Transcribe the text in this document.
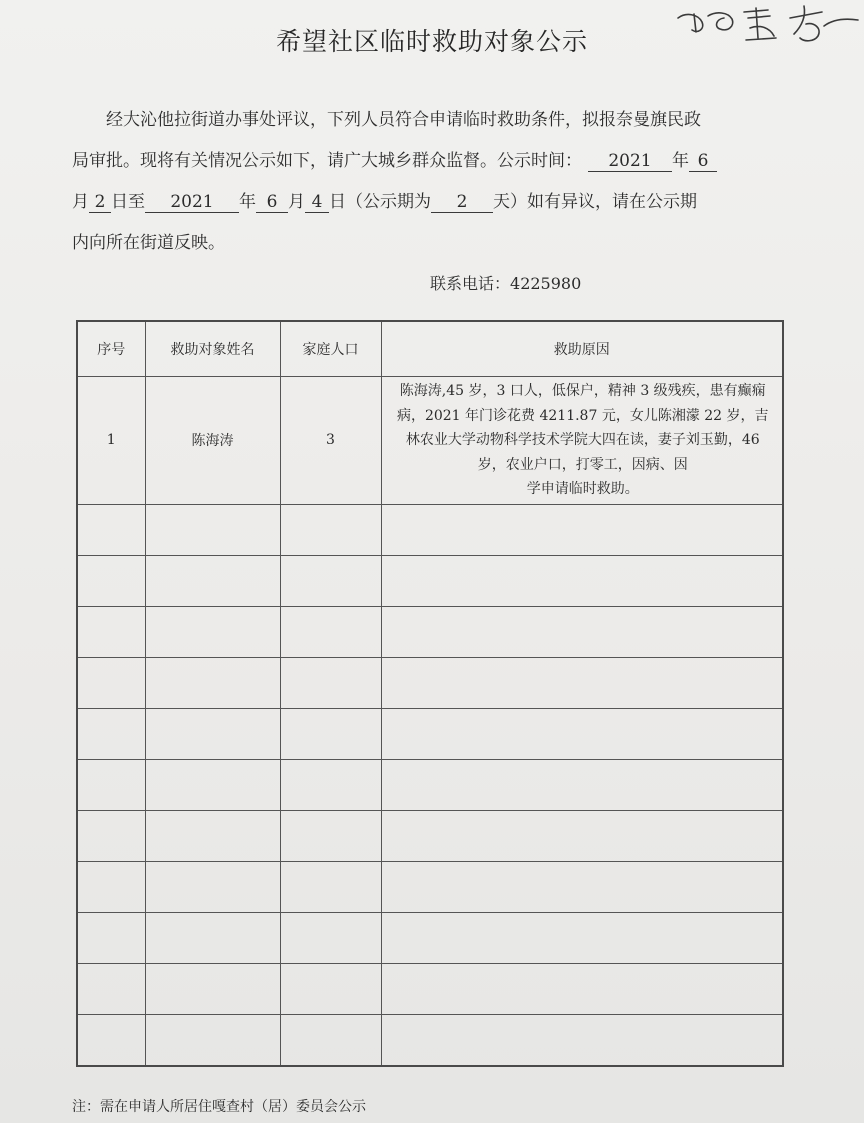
希望社区临时救助对象公示

经大沁他拉街道办事处评议，下列人员符合申请临时救助条件，拟报奈曼旗民政

局审批。现将有关情况公示如下，请广大城乡群众监督。公示时间： 2021 年 6

月 2 日至 2021 年 6 月 4 日（公示期为 2 天）如有异议，请在公示期

内向所在街道反映。

联系电话：4225980
序号	救助对象姓名	家庭人口	救助原因
1	陈海涛	3	陈海涛,45 岁，3 口人，低保户，精神 3 级残疾，患有癫痫病，2021 年门诊花费 4211.87 元，女儿陈湘濛 22 岁，吉林农业大学动物科学技术学院大四在读，妻子刘玉勤，46 岁，农业户口，打零工，因病、因
学申请临时救助。

注：需在申请人所居住嘎查村（居）委员会公示
